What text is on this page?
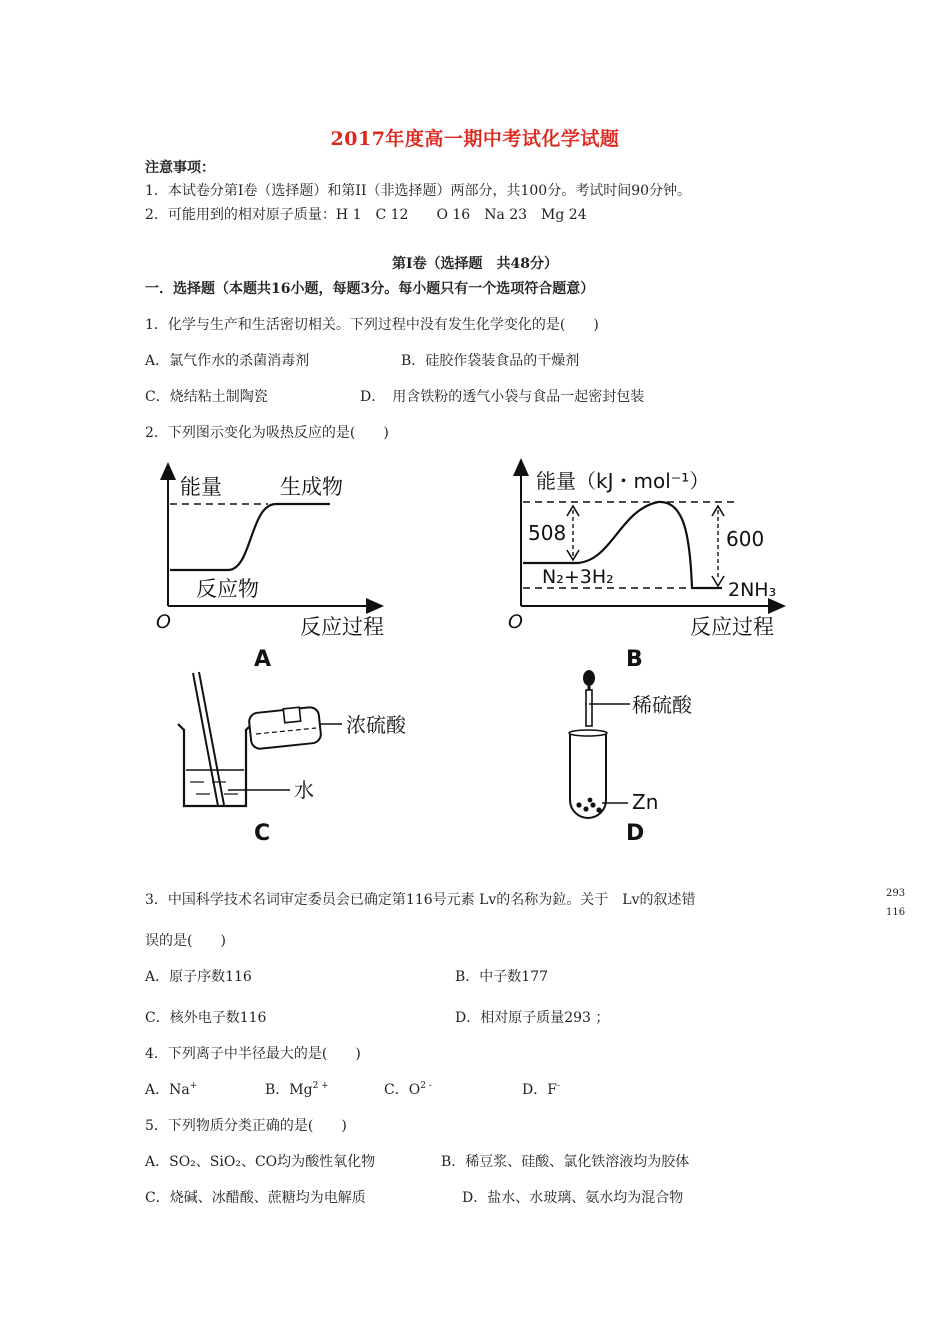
2017年度高一期中考试化学试题
注意事项：
1．本试卷分第Ⅰ卷（选择题）和第II（非选择题）两部分，共100分。考试时间90分钟。
2．可能用到的相对原子质量：H 1　C 12　　O 16　Na 23　Mg 24
第Ⅰ卷（选择题　共48分）
一．选择题（本题共16小题，每题3分。每小题只有一个选项符合题意）
1．化学与生产和生活密切相关。下列过程中没有发生化学变化的是(　　)
A．氯气作水的杀菌消毒剂	B．硅胶作袋装食品的干燥剂
C．烧结粘土制陶瓷	D．　用含铁粉的透气小袋与食品一起密封包装
2．下列图示变化为吸热反应的是(　　)
能量	生成物
反应物
O	反应过程
A
能量（kJ・mol⁻¹）
508	600
N₂+3H₂
2NH₃
O	反应过程
B
浓硫酸
水
C
稀硫酸
Zn
D
3．中国科学技术名词审定委员会已确定第116号元素 Lv的名称为鉝。关于　Lv的叙述错	293
116
误的是(　　)
A．原子序数116	B．中子数177
C．核外电子数116	D．相对原子质量293 ；
4．下列离子中半径最大的是(　　)
A．Na+	B．$Mg^{2 +}$	C．$O^{2 -}$	D．F-
5．下列物质分类正确的是(　　)
A．SO₂、SiO₂、CO均为酸性氧化物	B．稀豆浆、硅酸、氯化铁溶液均为胶体
C．烧碱、冰醋酸、蔗糖均为电解质	D．盐水、水玻璃、氨水均为混合物
